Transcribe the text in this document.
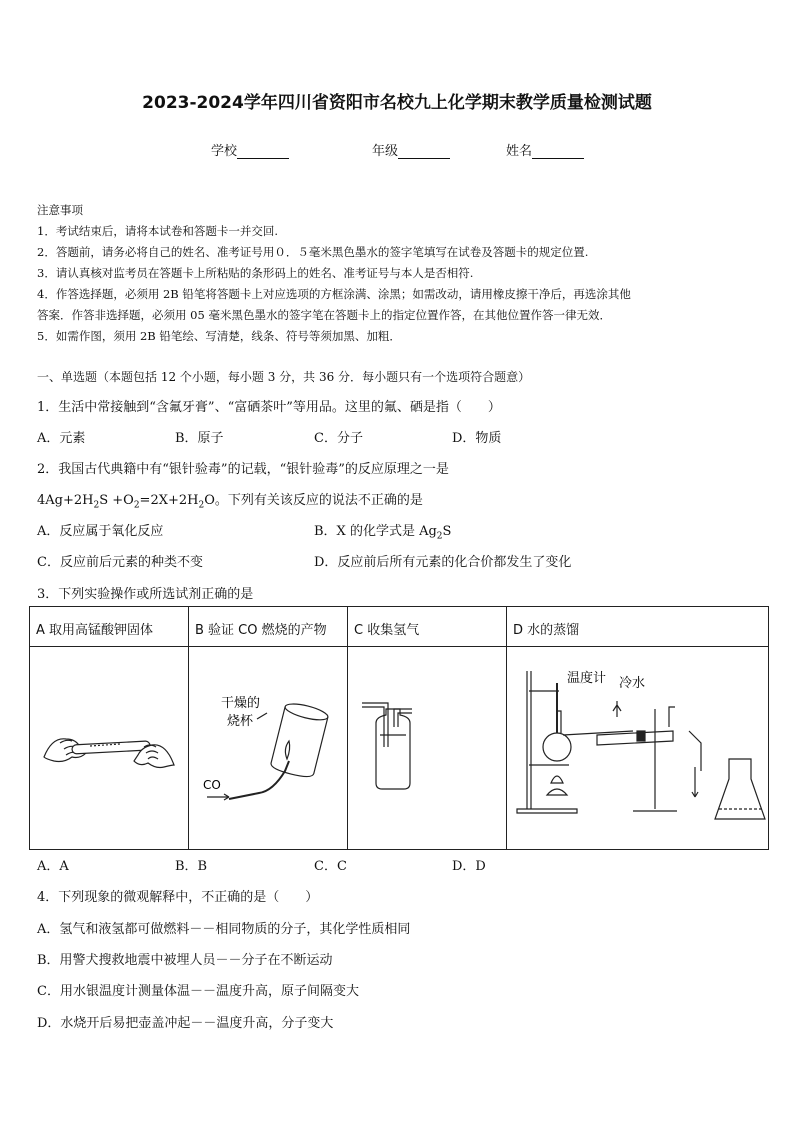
2023-2024学年四川省资阳市名校九上化学期末教学质量检测试题
学校	年级	姓名
注意事项
1．考试结束后，请将本试卷和答题卡一并交回.
2．答题前，请务必将自己的姓名、准考证号用０．５毫米黑色墨水的签字笔填写在试卷及答题卡的规定位置.
3．请认真核对监考员在答题卡上所粘贴的条形码上的姓名、准考证号与本人是否相符.
4．作答选择题，必须用 2B 铅笔将答题卡上对应选项的方框涂满、涂黑；如需改动，请用橡皮擦干净后，再选涂其他
答案．作答非选择题，必须用 05 毫米黑色墨水的签字笔在答题卡上的指定位置作答，在其他位置作答一律无效．
5．如需作图，须用 2B 铅笔绘、写清楚，线条、符号等须加黑、加粗．
一、单选题（本题包括 12 个小题，每小题 3 分，共 36 分．每小题只有一个选项符合题意）
1．生活中常接触到“含氟牙膏”、“富硒茶叶”等用品。这里的氟、硒是指（　　）
A．元素	B．原子	C．分子	D．物质
2．我国古代典籍中有“银针验毒”的记载，“银针验毒”的反应原理之一是
$4Ag+2H_2S +O_2=2X+2H_2O$。下列有关该反应的说法不正确的是
A．反应属于氧化反应	B．X 的化学式是 $Ag_2S$
C．反应前后元素的种类不变	D．反应前后所有元素的化合价都发生了变化
3．下列实验操作或所选试剂正确的是
A 取用高锰酸钾固体	B 验证 CO 燃烧的产物	C 收集氢气	D 水的蒸馏

干燥的
烧杯
CO		温度计 冷水
A．A	B．B	C．C	D．D
4．下列现象的微观解释中，不正确的是（　　）
A．氢气和液氢都可做燃料－－相同物质的分子，其化学性质相同
B．用警犬搜救地震中被埋人员－－分子在不断运动
C．用水银温度计测量体温－－温度升高，原子间隔变大
D．水烧开后易把壶盖冲起－－温度升高，分子变大
